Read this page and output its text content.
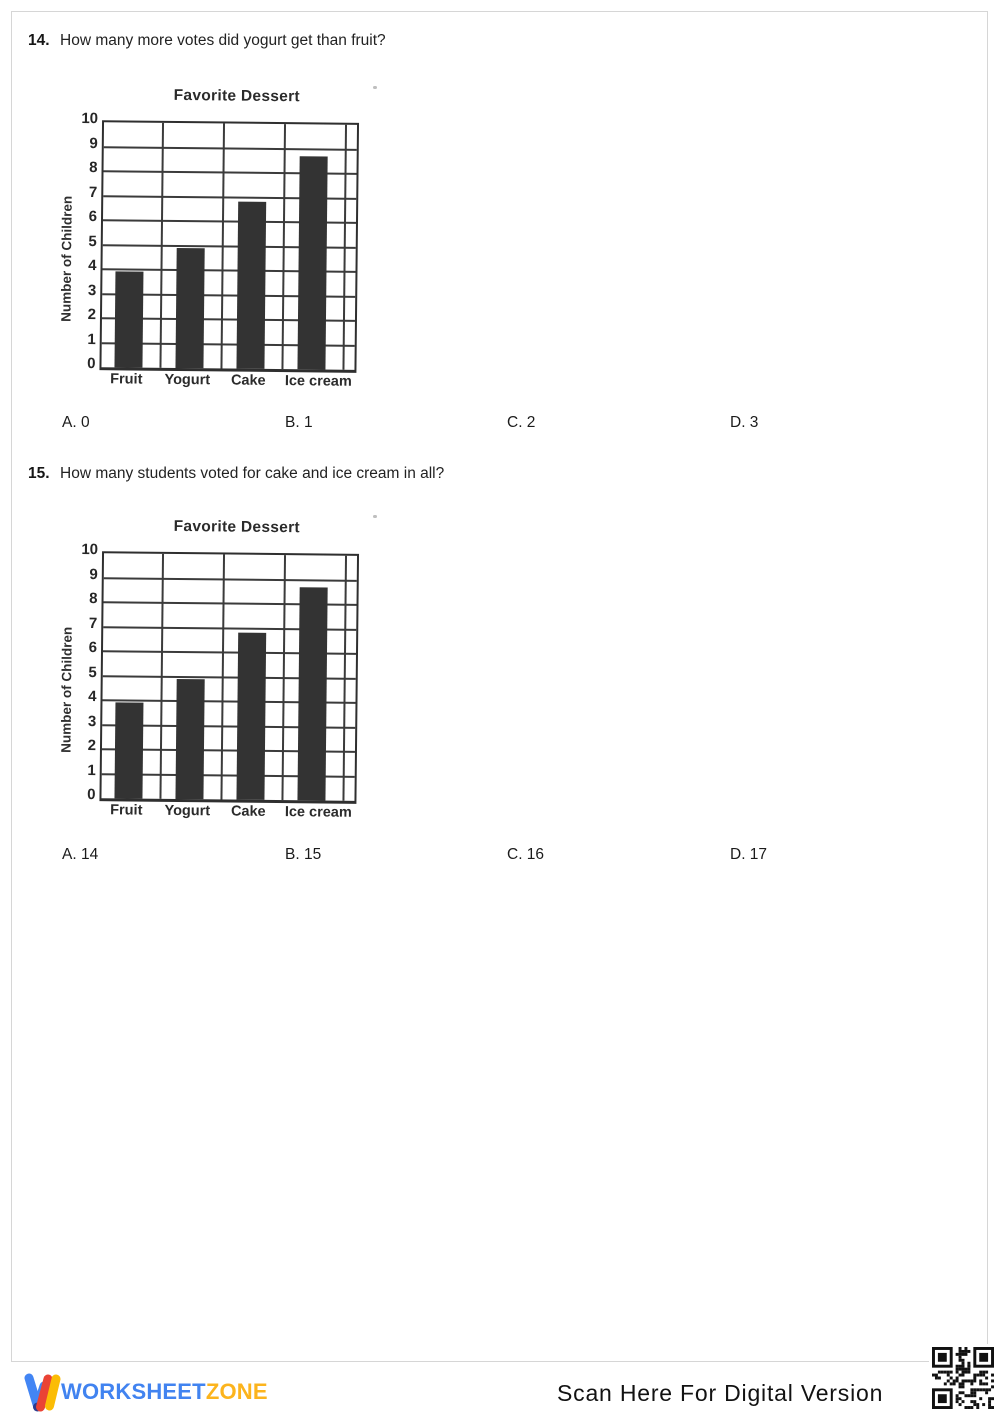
14. How many more votes did yogurt get than fruit?
Favorite Dessert
Number of Children
0
1
2
3
4
5
6
7
8
9
10
Fruit Yogurt Cake Ice cream
A. 0	B. 1	C. 2	D. 3
15. How many students voted for cake and ice cream in all?
Favorite Dessert
Number of Children
0
1
2
3
4
5
6
7
8
9
10
Fruit Yogurt Cake Ice cream
A. 14	B. 15	C. 16	D. 17
WORKSHEETZONE	Scan Here For Digital Version
